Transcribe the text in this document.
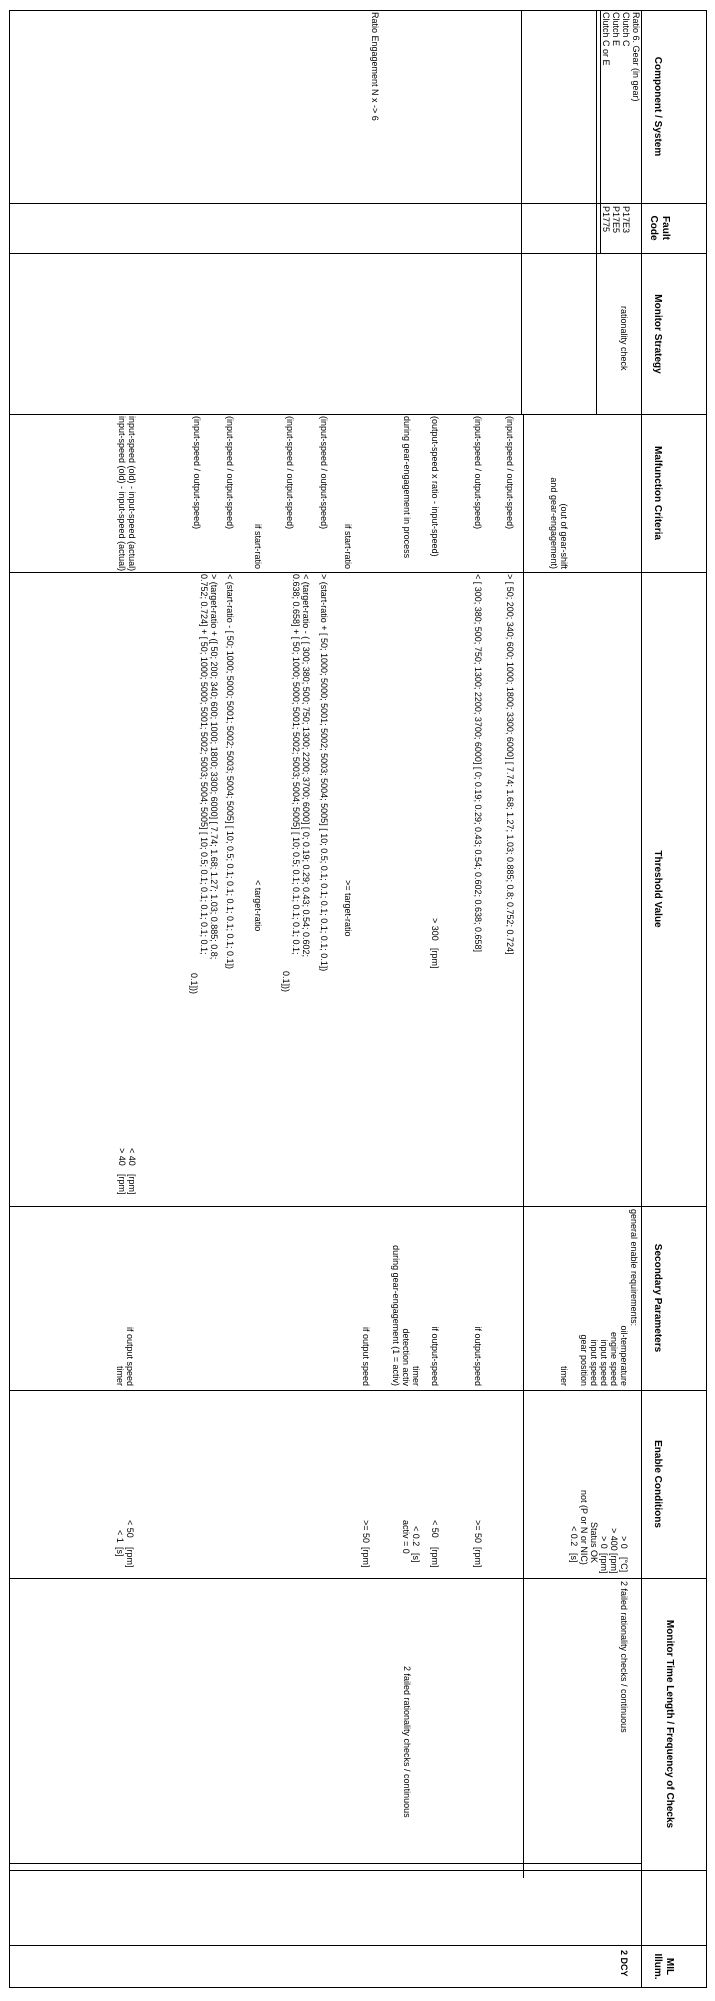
Component / System
Fault Code
Monitor Strategy
Malfunction Criteria
Threshold Value
Secondary Parameters
Enable Conditions
Monitor Time Length / Frequency of Checks
MIL Illum.
Ratio 6. Gear (in gear)
Clutch C
Clutch E
Clutch C or E
Ratio Engagement N x -> 6
P17E3
P17E5
P1775
rationality check
(out of gear-shift
and gear-engagement)
(input-speed / output-speed)
(input-speed / output-speed)
(output-speed x ratio - input-speed)
during gear-engagement in process
if start-ratio
(input-speed / output-speed)
(input-speed / output-speed)
if start-ratio
(input-speed / output-speed)
(input-speed / output-speed)
input-speed (old) - input-speed (actual)
input-speed (old) - input-speed (actual)
> [ 50; 200; 340; 600; 1000; 1800; 3300; 6000] [ 7.74; 1.68; 1.27; 1.03; 0.885; 0.8; 0.752; 0.724]
< [ 300; 380; 500; 750; 1300; 2200; 3700; 6000] [ 0; 0.19; 0.29; 0.43; 0.54; 0.602; 0.638; 0.658]
> 300
[rpm]
>= target-ratio
> (start-ratio + [ 50; 1000; 5000; 5001; 5002; 5003; 5004; 5005] [ 10; 0.5; 0.1; 0.1; 0.1; 0.1; 0.1; 0.1])
< (target-ratio - ( [ 300; 380; 500; 750; 1300; 2200; 3700; 6000] [ 0; 0.19; 0.29; 0.43; 0.54; 0.602;
0.638; 0.658] + [ 50; 1000; 5000; 5001; 5002; 5003; 5004; 5005] [ 10; 0.5; 0.1; 0.1; 0.1; 0.1; 0.1;
0.1]))
< target-ratio
< (start-ratio - [ 50; 1000; 5000; 5001; 5002; 5003; 5004; 5005] [ 10; 0.5; 0.1; 0.1; 0.1; 0.1; 0.1; 0.1])
> (target-ratio + ([ 50; 200; 340; 600; 1000; 1800; 3300; 6000] [ 7.74; 1.68; 1.27; 1.03; 0.885; 0.8;
0.752; 0.724] + [ 50; 1000; 5000; 5001; 5002; 5003; 5004; 5005] [ 10; 0.5; 0.1; 0.1; 0.1; 0.1; 0.1;
0.1]))
< 40
[rpm]
> 40
[rpm]
general enable requirements:
oil-temperature
engine speed
input speed
input speed
gear position
timer
if output-speed
if output-speed
timer
detection activ
during gear-engagement (1 = activ)
if output speed
if output speed
timer
> 0
[°C]
> 400
[rpm]
> 0
[rpm]
Status OK
not (P or N or NIC)
< 0.2
[s]
>= 50
[rpm]
< 50
[rpm]
< 0.2
[s]
activ = 0
>= 50
[rpm]
< 50
[rpm]
< 1
[s]
2 failed rationality checks / continuous
2 failed rationality checks / continuous
2 DCY
